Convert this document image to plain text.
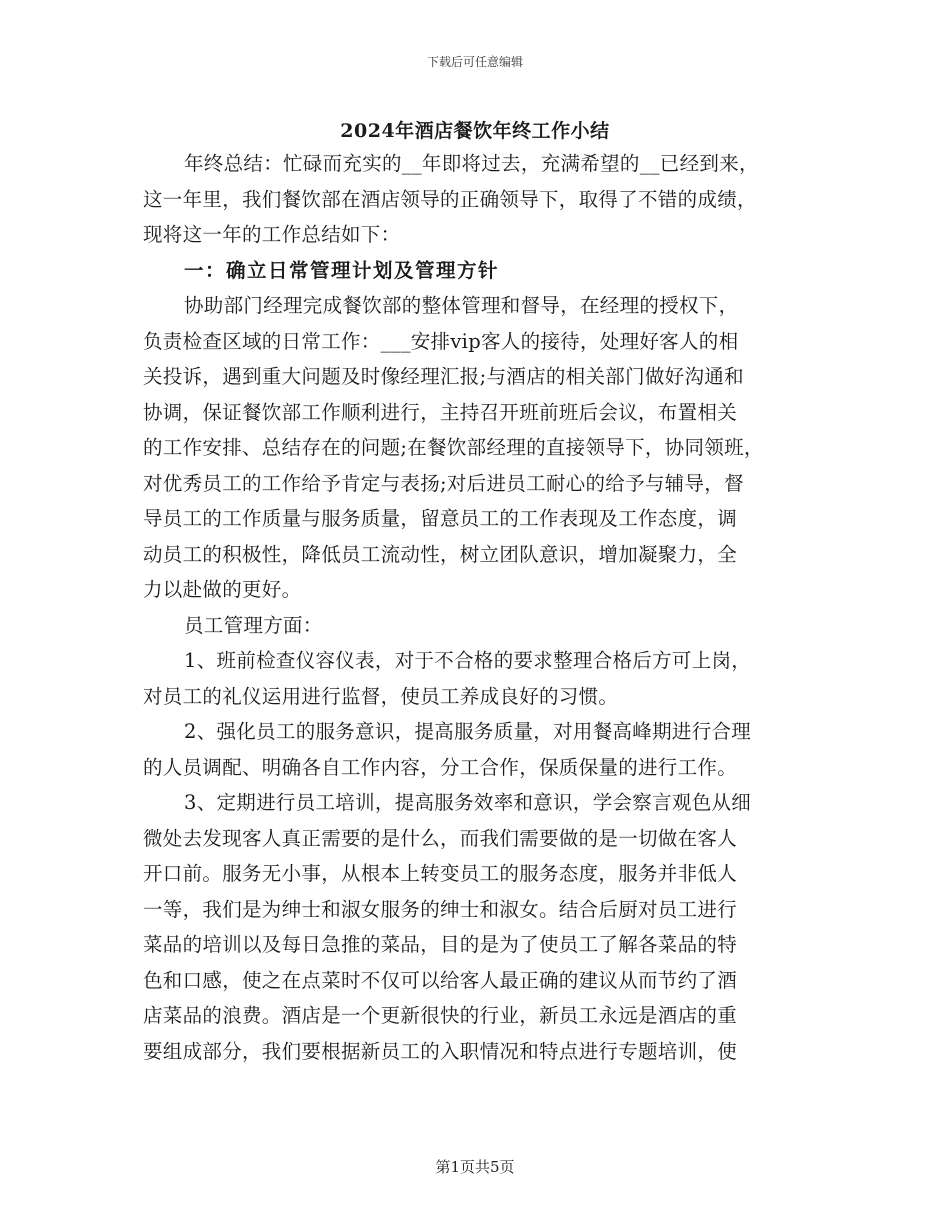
下载后可任意编辑
2024年酒店餐饮年终工作小结
年终总结：忙碌而充实的__年即将过去，充满希望的__已经到来，
这一年里，我们餐饮部在酒店领导的正确领导下，取得了不错的成绩，
现将这一年的工作总结如下：
一：确立日常管理计划及管理方针
协助部门经理完成餐饮部的整体管理和督导，在经理的授权下，
负责检查区域的日常工作：___安排vip客人的接待，处理好客人的相
关投诉，遇到重大问题及时像经理汇报;与酒店的相关部门做好沟通和
协调，保证餐饮部工作顺利进行，主持召开班前班后会议，布置相关
的工作安排、总结存在的问题;在餐饮部经理的直接领导下，协同领班，
对优秀员工的工作给予肯定与表扬;对后进员工耐心的给予与辅导，督
导员工的工作质量与服务质量，留意员工的工作表现及工作态度，调
动员工的积极性，降低员工流动性，树立团队意识，增加凝聚力，全
力以赴做的更好。
员工管理方面：
1、班前检查仪容仪表，对于不合格的要求整理合格后方可上岗，
对员工的礼仪运用进行监督，使员工养成良好的习惯。
2、强化员工的服务意识，提高服务质量，对用餐高峰期进行合理
的人员调配、明确各自工作内容，分工合作，保质保量的进行工作。
3、定期进行员工培训，提高服务效率和意识，学会察言观色从细
微处去发现客人真正需要的是什么，而我们需要做的是一切做在客人
开口前。服务无小事，从根本上转变员工的服务态度，服务并非低人
一等，我们是为绅士和淑女服务的绅士和淑女。结合后厨对员工进行
菜品的培训以及每日急推的菜品，目的是为了使员工了解各菜品的特
色和口感，使之在点菜时不仅可以给客人最正确的建议从而节约了酒
店菜品的浪费。酒店是一个更新很快的行业，新员工永远是酒店的重
要组成部分，我们要根据新员工的入职情况和特点进行专题培训，使
第1页共5页
